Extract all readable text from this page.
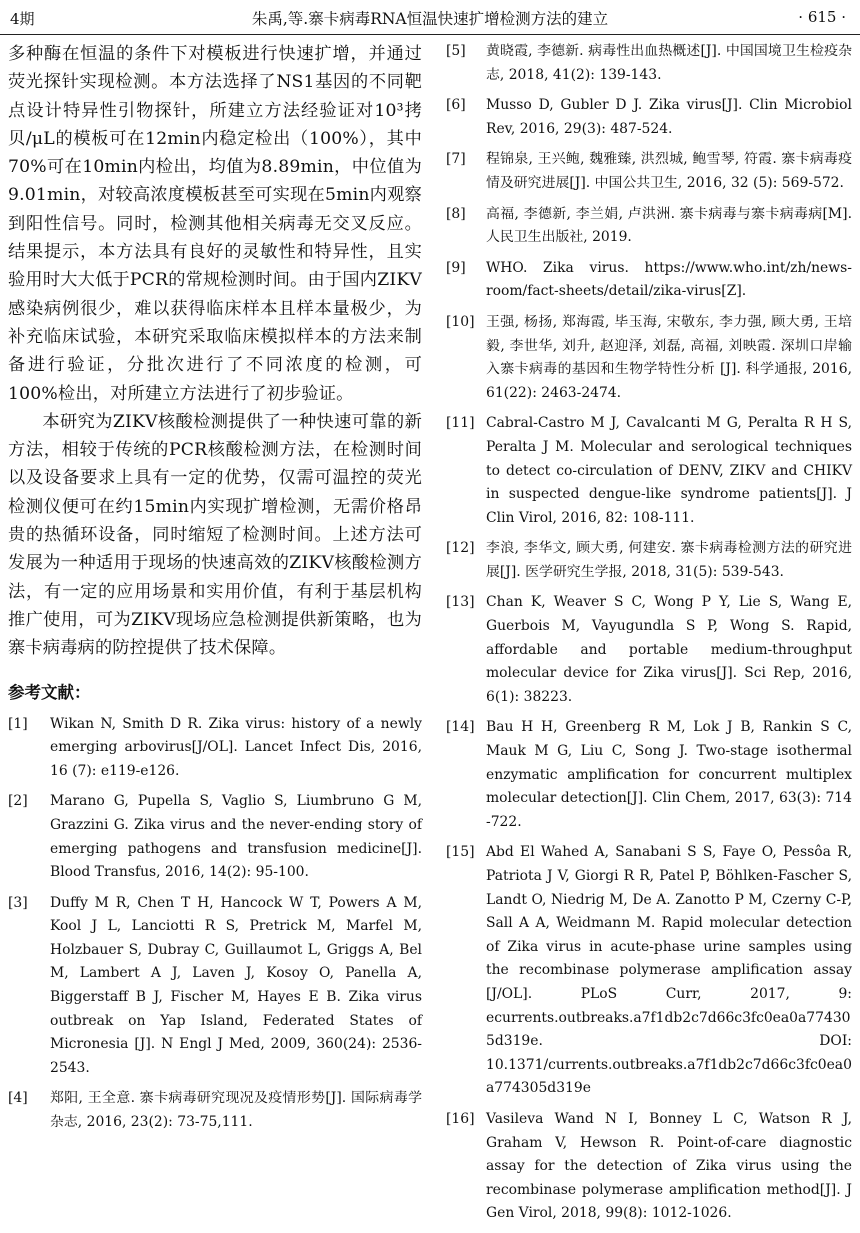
4期	朱禹,等.寨卡病毒RNA恒温快速扩增检测方法的建立	· 615 ·

多种酶在恒温的条件下对模板进行快速扩增，并通过荧光探针实现检测。本方法选择了NS1基因的不同靶点设计特异性引物探针，所建立方法经验证对10³拷贝/μL的模板可在12min内稳定检出（100%），其中70%可在10min内检出，均值为8.89min，中位值为9.01min，对较高浓度模板甚至可实现在5min内观察到阳性信号。同时，检测其他相关病毒无交叉反应。结果提示，本方法具有良好的灵敏性和特异性，且实验用时大大低于PCR的常规检测时间。由于国内ZIKV感染病例很少，难以获得临床样本且样本量极少，为补充临床试验，本研究采取临床模拟样本的方法来制备进行验证，分批次进行了不同浓度的检测，可100%检出，对所建立方法进行了初步验证。

本研究为ZIKV核酸检测提供了一种快速可靠的新方法，相较于传统的PCR核酸检测方法，在检测时间以及设备要求上具有一定的优势，仅需可温控的荧光检测仪便可在约15min内实现扩增检测，无需价格昂贵的热循环设备，同时缩短了检测时间。上述方法可发展为一种适用于现场的快速高效的ZIKV核酸检测方法，有一定的应用场景和实用价值，有利于基层机构推广使用，可为ZIKV现场应急检测提供新策略，也为寨卡病毒病的防控提供了技术保障。

参考文献：
[1]	Wikan N, Smith D R. Zika virus: history of a newly emerging arbovirus[J/OL]. Lancet Infect Dis, 2016, 16 (7): e119-e126.
[2]	Marano G, Pupella S, Vaglio S, Liumbruno G M, Grazzini G. Zika virus and the never-ending story of emerging pathogens and transfusion medicine[J]. Blood Transfus, 2016, 14(2): 95-100.
[3]	Duffy M R, Chen T H, Hancock W T, Powers A M, Kool J L, Lanciotti R S, Pretrick M, Marfel M, Holzbauer S, Dubray C, Guillaumot L, Griggs A, Bel M, Lambert A J, Laven J, Kosoy O, Panella A, Biggerstaff B J, Fischer M, Hayes E B. Zika virus outbreak on Yap Island, Federated States of Micronesia [J]. N Engl J Med, 2009, 360(24): 2536-2543.
[4]	郑阳, 王全意. 寨卡病毒研究现况及疫情形势[J]. 国际病毒学杂志, 2016, 23(2): 73-75,111.
[5]	黄晓霞, 李德新. 病毒性出血热概述[J]. 中国国境卫生检疫杂志, 2018, 41(2): 139-143.
[6]	Musso D, Gubler D J. Zika virus[J]. Clin Microbiol Rev, 2016, 29(3): 487-524.
[7]	程锦泉, 王兴鲍, 魏雅臻, 洪烈城, 鲍雪琴, 符霞. 寨卡病毒疫情及研究进展[J]. 中国公共卫生, 2016, 32 (5): 569-572.
[8]	高福, 李德新, 李兰娟, 卢洪洲. 寨卡病毒与寨卡病毒病[M]. 人民卫生出版社, 2019.
[9]	WHO. Zika virus. https://www.who.int/zh/news-room/fact-sheets/detail/zika-virus[Z].
[10] 王强, 杨扬, 郑海霞, 毕玉海, 宋敬东, 李力强, 顾大勇, 王培毅, 李世华, 刘升, 赵迎泽, 刘磊, 高福, 刘映霞. 深圳口岸输入寨卡病毒的基因和生物学特性分析 [J]. 科学通报, 2016, 61(22): 2463-2474.
[11] Cabral-Castro M J, Cavalcanti M G, Peralta R H S, Peralta J M. Molecular and serological techniques to detect co-circulation of DENV, ZIKV and CHIKV in suspected dengue-like syndrome patients[J]. J Clin Virol, 2016, 82: 108-111.
[12] 李浪, 李华文, 顾大勇, 何建安. 寨卡病毒检测方法的研究进展[J]. 医学研究生学报, 2018, 31(5): 539-543.
[13] Chan K, Weaver S C, Wong P Y, Lie S, Wang E, Guerbois M, Vayugundla S P, Wong S. Rapid, affordable and portable medium-throughput molecular device for Zika virus[J]. Sci Rep, 2016, 6(1): 38223.
[14] Bau H H, Greenberg R M, Lok J B, Rankin S C, Mauk M G, Liu C, Song J. Two-stage isothermal enzymatic amplification for concurrent multiplex molecular detection[J]. Clin Chem, 2017, 63(3): 714 -722.
[15] Abd El Wahed A, Sanabani S S, Faye O, Pessôa R, Patriota J V, Giorgi R R, Patel P, Böhlken-Fascher S, Landt O, Niedrig M, De A. Zanotto P M, Czerny C-P, Sall A A, Weidmann M. Rapid molecular detection of Zika virus in acute-phase urine samples using the recombinase polymerase amplification assay [J/OL]. PLoS Curr, 2017, 9: ecurrents.outbreaks.a7f1db2c7d66c3fc0ea0a774305d319e. DOI: 10.1371/currents.outbreaks.a7f1db2c7d66c3fc0ea0a774305d319e
[16] Vasileva Wand N I, Bonney L C, Watson R J, Graham V, Hewson R. Point-of-care diagnostic assay for the detection of Zika virus using the recombinase polymerase amplification method[J]. J Gen Virol, 2018, 99(8): 1012-1026.
